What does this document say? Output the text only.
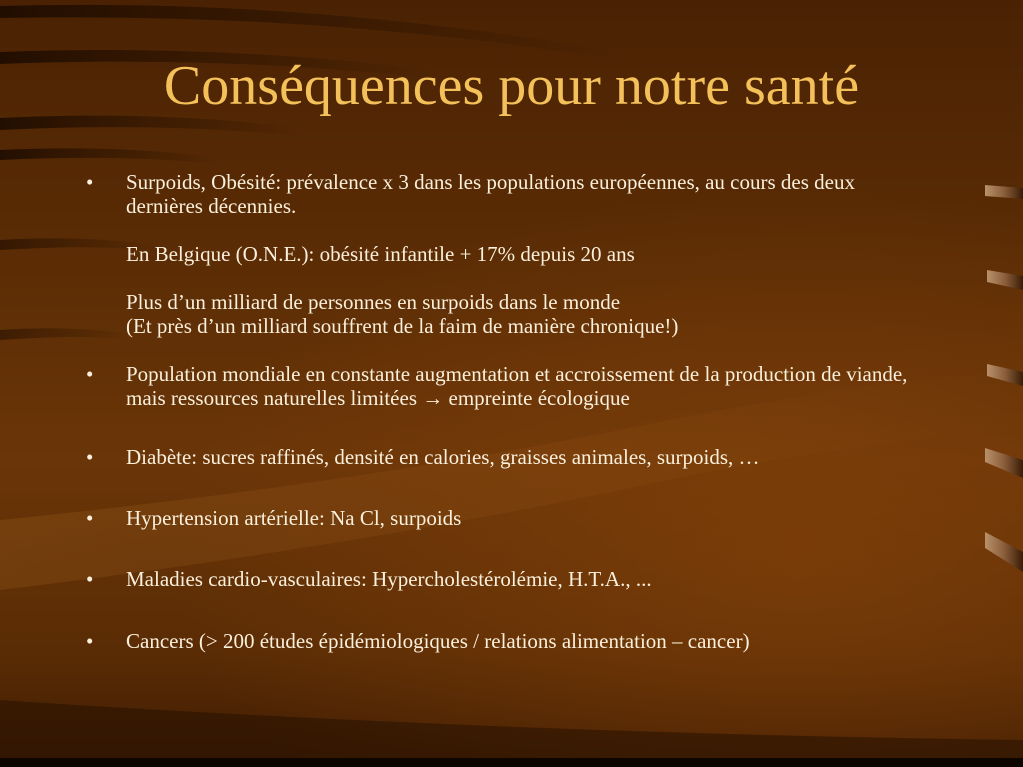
Conséquences pour notre santé
• Surpoids, Obésité: prévalence x 3 dans les populations européennes, au cours des deux dernières décennies.

En Belgique (O.N.E.): obésité infantile + 17% depuis 20 ans

Plus d’un milliard de personnes en surpoids dans le monde

(Et près d’un milliard souffrent de la faim de manière chronique!)

• Population mondiale en constante augmentation et accroissement de la production de viande, mais ressources naturelles limitées → empreinte écologique

• Diabète: sucres raffinés, densité en calories, graisses animales, surpoids, …

• Hypertension artérielle: Na Cl, surpoids

• Maladies cardio-vasculaires: Hypercholestérolémie, H.T.A., ...

• Cancers (> 200 études épidémiologiques / relations alimentation – cancer)
